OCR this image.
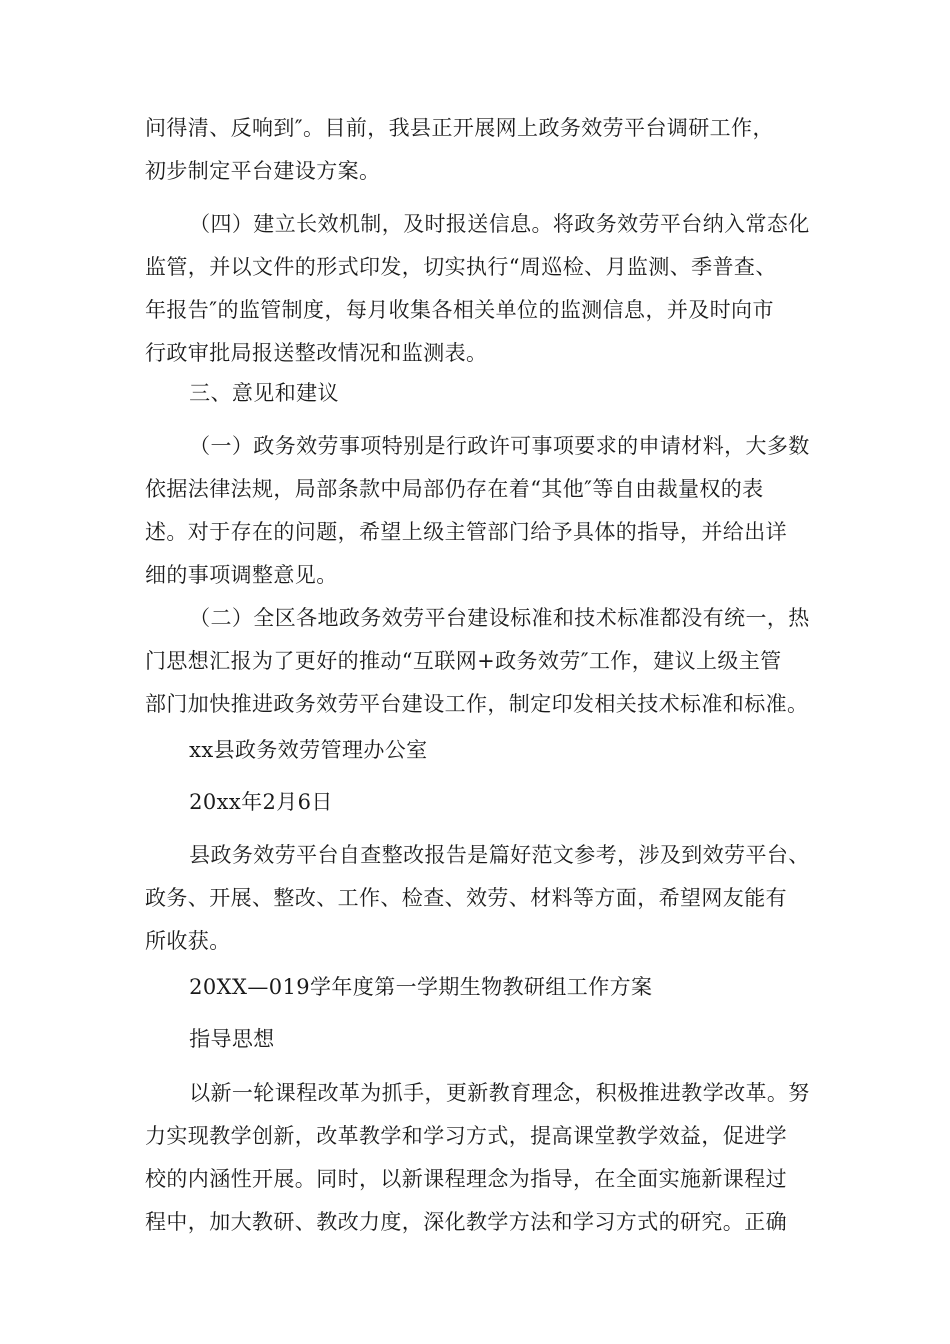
问得清、反响到″。目前，我县正开展网上政务效劳平台调研工作，
初步制定平台建设方案。

（四）建立长效机制，及时报送信息。将政务效劳平台纳入常态化
监管，并以文件的形式印发，切实执行“周巡检、月监测、季普查、
年报告″的监管制度，每月收集各相关单位的监测信息，并及时向市
行政审批局报送整改情况和监测表。

三、意见和建议

（一）政务效劳事项特别是行政许可事项要求的申请材料，大多数
依据法律法规，局部条款中局部仍存在着“其他″等自由裁量权的表
述。对于存在的问题，希望上级主管部门给予具体的指导，并给出详
细的事项调整意见。

（二）全区各地政务效劳平台建设标准和技术标准都没有统一，热
门思想汇报为了更好的推动“互联网+政务效劳″工作，建议上级主管
部门加快推进政务效劳平台建设工作，制定印发相关技术标准和标准。

xx县政务效劳管理办公室

20xx年2月6日

县政务效劳平台自查整改报告是篇好范文参考，涉及到效劳平台、
政务、开展、整改、工作、检查、效劳、材料等方面，希望网友能有
所收获。

20XX—019学年度第一学期生物教研组工作方案

指导思想

以新一轮课程改革为抓手，更新教育理念，积极推进教学改革。努
力实现教学创新，改革教学和学习方式，提高课堂教学效益，促进学
校的内涵性开展。同时，以新课程理念为指导，在全面实施新课程过
程中，加大教研、教改力度，深化教学方法和学习方式的研究。正确
